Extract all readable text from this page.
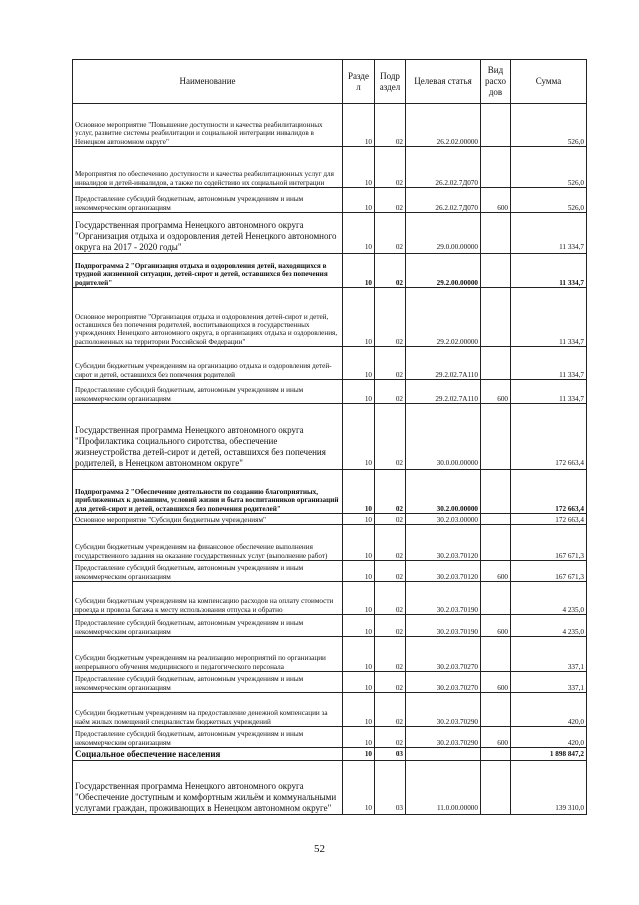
Наименование	Разде л	Подр аздел	Целевая статья	Вид расхо дов	Сумма
Основное мероприятие "Повышение доступности и качества реабилитационных услуг, развитие системы реабилитации и социальной интеграции инвалидов в Ненецком автономном округе"	10	02	26.2.02.00000		526,0
Мероприятия по обеспечению доступности и качества реабилитационных услуг для инвалидов и детей-инвалидов, а также по содействию их социальной интеграции	10	02	26.2.02.7Д070		526,0
Предоставление субсидий бюджетным, автономным учреждениям и иным некоммерческим организациям	10	02	26.2.02.7Д070	600	526,0
Государственная программа Ненецкого автономного округа "Организация отдыха и оздоровления детей Ненецкого автономного округа на 2017 - 2020 годы"	10	02	29.0.00.00000		11 334,7
Подпрограмма 2 "Организация отдыха и оздоровления детей, находящихся в трудной жизненной ситуации, детей-сирот и детей, оставшихся без попечения родителей"	10	02	29.2.00.00000		11 334,7
Основное мероприятие "Организация отдыха и оздоровления детей-сирот и детей, оставшихся без попечения родителей, воспитывающихся в государственных учреждениях Ненецкого автономного округа, в организациях отдыха и оздоровления, расположенных на территории Российской Федерации"	10	02	29.2.02.00000		11 334,7
Субсидии бюджетным учреждениям на организацию отдыха и оздоровления детей-сирот и детей, оставшихся без попечения родителей	10	02	29.2.02.7А110		11 334,7
Предоставление субсидий бюджетным, автономным учреждениям и иным некоммерческим организациям	10	02	29.2.02.7А110	600	11 334,7
Государственная программа Ненецкого автономного округа "Профилактика социального сиротства, обеспечение жизнеустройства детей-сирот и детей, оставшихся без попечения родителей, в Ненецком автономном округе"	10	02	30.0.00.00000		172 663,4
Подпрограмма 2 "Обеспечение деятельности по созданию благоприятных, приближенных к домашним, условий жизни и быта воспитанников организаций для детей-сирот и детей, оставшихся без попечения родителей"	10	02	30.2.00.00000		172 663,4
Основное мероприятие "Субсидии бюджетным учреждениям"	10	02	30.2.03.00000		172 663,4
Субсидии бюджетным учреждениям на финансовое обеспечение выполнения государственного задания на оказание государственных услуг (выполнение работ)	10	02	30.2.03.70120		167 671,3
Предоставление субсидий бюджетным, автономным учреждениям и иным некоммерческим организациям	10	02	30.2.03.70120	600	167 671,3
Субсидии бюджетным учреждениям на компенсацию расходов на оплату стоимости проезда и провоза багажа к месту использования отпуска и обратно	10	02	30.2.03.70190		4 235,0
Предоставление субсидий бюджетным, автономным учреждениям и иным некоммерческим организациям	10	02	30.2.03.70190	600	4 235,0
Субсидии бюджетным учреждениям на реализацию мероприятий по организации непрерывного обучения медицинского и педагогического персонала	10	02	30.2.03.70270		337,1
Предоставление субсидий бюджетным, автономным учреждениям и иным некоммерческим организациям	10	02	30.2.03.70270	600	337,1
Субсидии бюджетным учреждениям на предоставление денежной компенсации за наём жилых помещений специалистам бюджетных учреждений	10	02	30.2.03.70290		420,0
Предоставление субсидий бюджетным, автономным учреждениям и иным некоммерческим организациям	10	02	30.2.03.70290	600	420,0
Социальное обеспечение населения	10	03			1 898 847,2
Государственная программа Ненецкого автономного округа "Обеспечение доступным и комфортным жильём и коммунальными услугами граждан, проживающих в Ненецком автономном округе"	10	03	11.0.00.00000		139 310,0
52
